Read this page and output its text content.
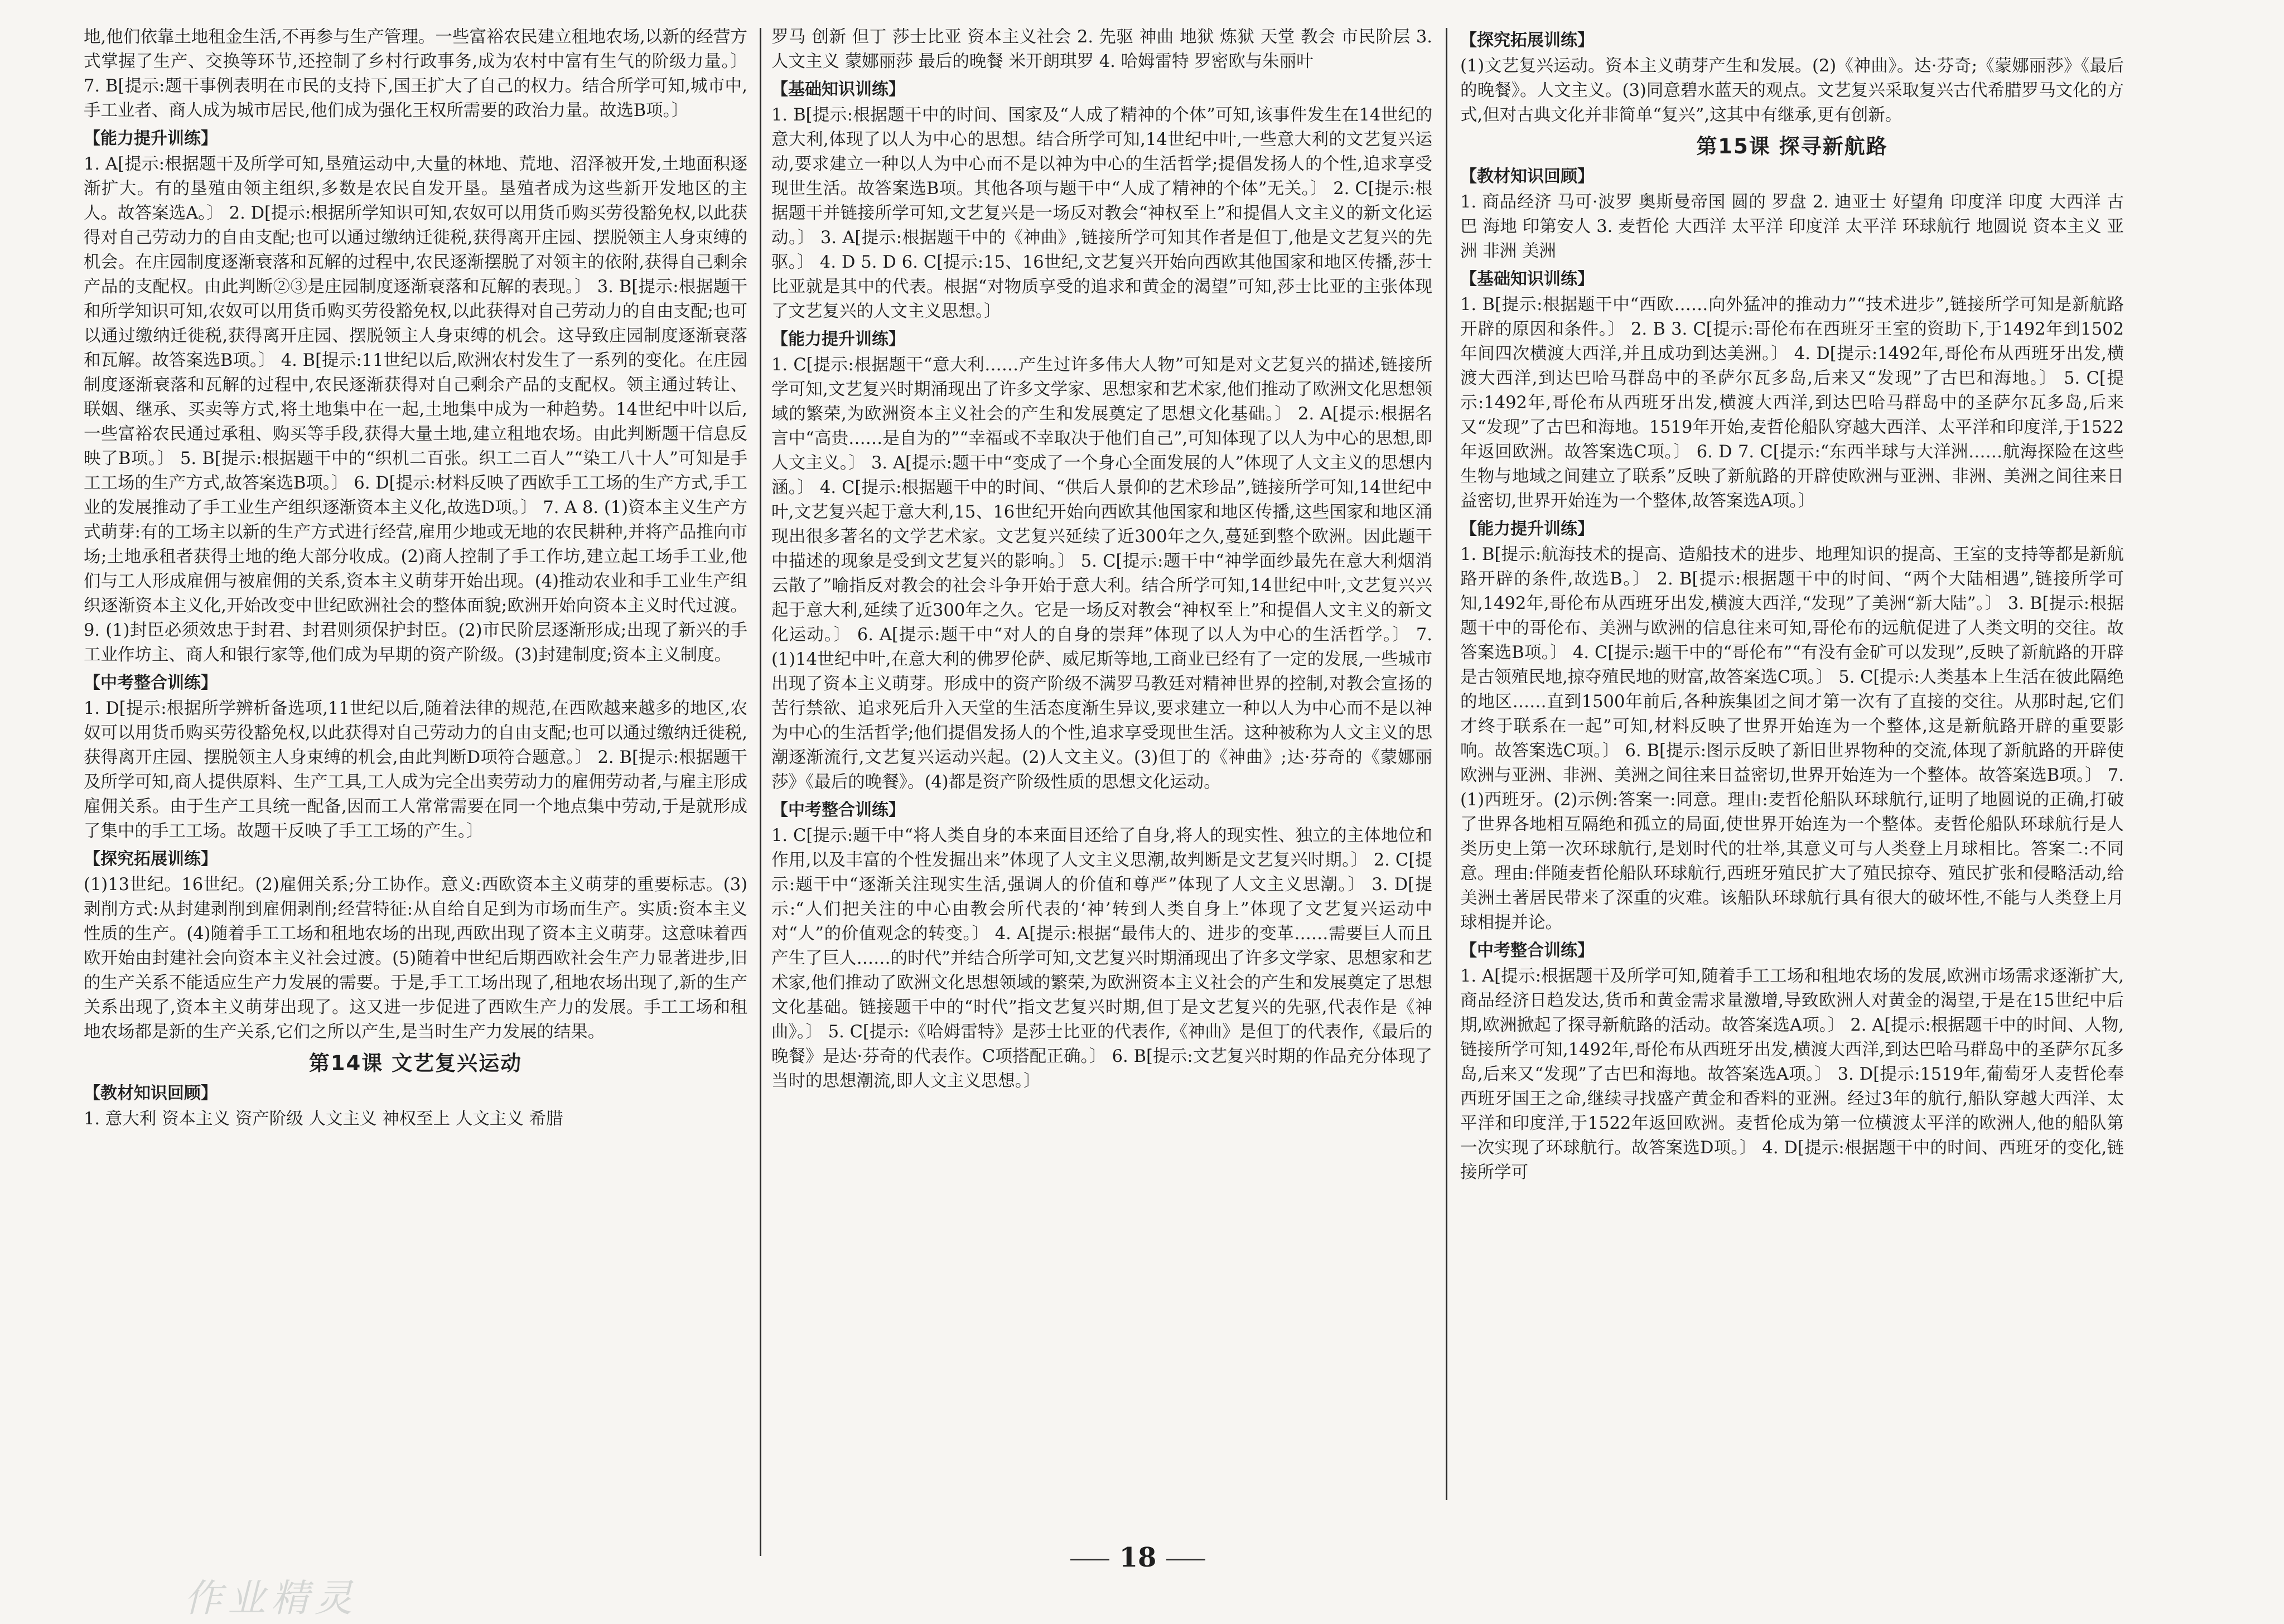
地,他们依靠土地租金生活,不再参与生产管理。一些富裕农民建立租地农场,以新的经营方式掌握了生产、交换等环节,还控制了乡村行政事务,成为农村中富有生气的阶级力量。〕 7. B[提示:题干事例表明在市民的支持下,国王扩大了自己的权力。结合所学可知,城市中,手工业者、商人成为城市居民,他们成为强化王权所需要的政治力量。故选B项。〕

【能力提升训练】

1. A[提示:根据题干及所学可知,垦殖运动中,大量的林地、荒地、沼泽被开发,土地面积逐渐扩大。有的垦殖由领主组织,多数是农民自发开垦。垦殖者成为这些新开发地区的主人。故答案选A。〕 2. D[提示:根据所学知识可知,农奴可以用货币购买劳役豁免权,以此获得对自己劳动力的自由支配;也可以通过缴纳迁徙税,获得离开庄园、摆脱领主人身束缚的机会。在庄园制度逐渐衰落和瓦解的过程中,农民逐渐摆脱了对领主的依附,获得自己剩余产品的支配权。由此判断②③是庄园制度逐渐衰落和瓦解的表现。〕 3. B[提示:根据题干和所学知识可知,农奴可以用货币购买劳役豁免权,以此获得对自己劳动力的自由支配;也可以通过缴纳迁徙税,获得离开庄园、摆脱领主人身束缚的机会。这导致庄园制度逐渐衰落和瓦解。故答案选B项。〕 4. B[提示:11世纪以后,欧洲农村发生了一系列的变化。在庄园制度逐渐衰落和瓦解的过程中,农民逐渐获得对自己剩余产品的支配权。领主通过转让、联姻、继承、买卖等方式,将土地集中在一起,土地集中成为一种趋势。14世纪中叶以后,一些富裕农民通过承租、购买等手段,获得大量土地,建立租地农场。由此判断题干信息反映了B项。〕 5. B[提示:根据题干中的“织机二百张。织工二百人”“染工八十人”可知是手工工场的生产方式,故答案选B项。〕 6. D[提示:材料反映了西欧手工工场的生产方式,手工业的发展推动了手工业生产组织逐渐资本主义化,故选D项。〕 7. A 8. (1)资本主义生产方式萌芽:有的工场主以新的生产方式进行经营,雇用少地或无地的农民耕种,并将产品推向市场;土地承租者获得土地的绝大部分收成。(2)商人控制了手工作坊,建立起工场手工业,他们与工人形成雇佣与被雇佣的关系,资本主义萌芽开始出现。(4)推动农业和手工业生产组织逐渐资本主义化,开始改变中世纪欧洲社会的整体面貌;欧洲开始向资本主义时代过渡。 9. (1)封臣必须效忠于封君、封君则须保护封臣。(2)市民阶层逐渐形成;出现了新兴的手工业作坊主、商人和银行家等,他们成为早期的资产阶级。(3)封建制度;资本主义制度。

【中考整合训练】

1. D[提示:根据所学辨析备选项,11世纪以后,随着法律的规范,在西欧越来越多的地区,农奴可以用货币购买劳役豁免权,以此获得对自己劳动力的自由支配;也可以通过缴纳迁徙税,获得离开庄园、摆脱领主人身束缚的机会,由此判断D项符合题意。〕 2. B[提示:根据题干及所学可知,商人提供原料、生产工具,工人成为完全出卖劳动力的雇佣劳动者,与雇主形成雇佣关系。由于生产工具统一配备,因而工人常常需要在同一个地点集中劳动,于是就形成了集中的手工工场。故题干反映了手工工场的产生。〕

【探究拓展训练】

(1)13世纪。16世纪。(2)雇佣关系;分工协作。意义:西欧资本主义萌芽的重要标志。(3)剥削方式:从封建剥削到雇佣剥削;经营特征:从自给自足到为市场而生产。实质:资本主义性质的生产。(4)随着手工工场和租地农场的出现,西欧出现了资本主义萌芽。这意味着西欧开始由封建社会向资本主义社会过渡。(5)随着中世纪后期西欧社会生产力显著进步,旧的生产关系不能适应生产力发展的需要。于是,手工工场出现了,租地农场出现了,新的生产关系出现了,资本主义萌芽出现了。这又进一步促进了西欧生产力的发展。手工工场和租地农场都是新的生产关系,它们之所以产生,是当时生产力发展的结果。

第14课 文艺复兴运动

【教材知识回顾】

1. 意大利 资本主义 资产阶级 人文主义 神权至上 人文主义 希腊

罗马 创新 但丁 莎士比亚 资本主义社会 2. 先驱 神曲 地狱 炼狱 天堂 教会 市民阶层 3. 人文主义 蒙娜丽莎 最后的晚餐 米开朗琪罗 4. 哈姆雷特 罗密欧与朱丽叶

【基础知识训练】

1. B[提示:根据题干中的时间、国家及“人成了精神的个体”可知,该事件发生在14世纪的意大利,体现了以人为中心的思想。结合所学可知,14世纪中叶,一些意大利的文艺复兴运动,要求建立一种以人为中心而不是以神为中心的生活哲学;提倡发扬人的个性,追求享受现世生活。故答案选B项。其他各项与题干中“人成了精神的个体”无关。〕 2. C[提示:根据题干并链接所学可知,文艺复兴是一场反对教会“神权至上”和提倡人文主义的新文化运动。〕 3. A[提示:根据题干中的《神曲》,链接所学可知其作者是但丁,他是文艺复兴的先驱。〕 4. D 5. D 6. C[提示:15、16世纪,文艺复兴开始向西欧其他国家和地区传播,莎士比亚就是其中的代表。根据“对物质享受的追求和黄金的渴望”可知,莎士比亚的主张体现了文艺复兴的人文主义思想。〕

【能力提升训练】

1. C[提示:根据题干“意大利……产生过许多伟大人物”可知是对文艺复兴的描述,链接所学可知,文艺复兴时期涌现出了许多文学家、思想家和艺术家,他们推动了欧洲文化思想领域的繁荣,为欧洲资本主义社会的产生和发展奠定了思想文化基础。〕 2. A[提示:根据名言中“高贵……是自为的”“幸福或不幸取决于他们自己”,可知体现了以人为中心的思想,即人文主义。〕 3. A[提示:题干中“变成了一个身心全面发展的人”体现了人文主义的思想内涵。〕 4. C[提示:根据题干中的时间、“供后人景仰的艺术珍品”,链接所学可知,14世纪中叶,文艺复兴起于意大利,15、16世纪开始向西欧其他国家和地区传播,这些国家和地区涌现出很多著名的文学艺术家。文艺复兴延续了近300年之久,蔓延到整个欧洲。因此题干中描述的现象是受到文艺复兴的影响。〕 5. C[提示:题干中“神学面纱最先在意大利烟消云散了”喻指反对教会的社会斗争开始于意大利。结合所学可知,14世纪中叶,文艺复兴兴起于意大利,延续了近300年之久。它是一场反对教会“神权至上”和提倡人文主义的新文化运动。〕 6. A[提示:题干中“对人的自身的崇拜”体现了以人为中心的生活哲学。〕 7. (1)14世纪中叶,在意大利的佛罗伦萨、威尼斯等地,工商业已经有了一定的发展,一些城市出现了资本主义萌芽。形成中的资产阶级不满罗马教廷对精神世界的控制,对教会宣扬的苦行禁欲、追求死后升入天堂的生活态度渐生异议,要求建立一种以人为中心而不是以神为中心的生活哲学;他们提倡发扬人的个性,追求享受现世生活。这种被称为人文主义的思潮逐渐流行,文艺复兴运动兴起。(2)人文主义。(3)但丁的《神曲》;达·芬奇的《蒙娜丽莎》《最后的晚餐》。(4)都是资产阶级性质的思想文化运动。

【中考整合训练】

1. C[提示:题干中“将人类自身的本来面目还给了自身,将人的现实性、独立的主体地位和作用,以及丰富的个性发掘出来”体现了人文主义思潮,故判断是文艺复兴时期。〕 2. C[提示:题干中“逐渐关注现实生活,强调人的价值和尊严”体现了人文主义思潮。〕 3. D[提示:“人们把关注的中心由教会所代表的‘神’转到人类自身上”体现了文艺复兴运动中对“人”的价值观念的转变。〕 4. A[提示:根据“最伟大的、进步的变革……需要巨人而且产生了巨人……的时代”并结合所学可知,文艺复兴时期涌现出了许多文学家、思想家和艺术家,他们推动了欧洲文化思想领域的繁荣,为欧洲资本主义社会的产生和发展奠定了思想文化基础。链接题干中的“时代”指文艺复兴时期,但丁是文艺复兴的先驱,代表作是《神曲》。〕 5. C[提示:《哈姆雷特》是莎士比亚的代表作,《神曲》是但丁的代表作,《最后的晚餐》是达·芬奇的代表作。C项搭配正确。〕 6. B[提示:文艺复兴时期的作品充分体现了当时的思想潮流,即人文主义思想。〕

【探究拓展训练】

(1)文艺复兴运动。资本主义萌芽产生和发展。(2)《神曲》。达·芬奇;《蒙娜丽莎》《最后的晚餐》。人文主义。(3)同意碧水蓝天的观点。文艺复兴采取复兴古代希腊罗马文化的方式,但对古典文化并非简单“复兴”,这其中有继承,更有创新。

第15课 探寻新航路

【教材知识回顾】

1. 商品经济 马可·波罗 奥斯曼帝国 圆的 罗盘 2. 迪亚士 好望角 印度洋 印度 大西洋 古巴 海地 印第安人 3. 麦哲伦 大西洋 太平洋 印度洋 太平洋 环球航行 地圆说 资本主义 亚洲 非洲 美洲

【基础知识训练】

1. B[提示:根据题干中“西欧……向外猛冲的推动力”“技术进步”,链接所学可知是新航路开辟的原因和条件。〕 2. B 3. C[提示:哥伦布在西班牙王室的资助下,于1492年到1502年间四次横渡大西洋,并且成功到达美洲。〕 4. D[提示:1492年,哥伦布从西班牙出发,横渡大西洋,到达巴哈马群岛中的圣萨尔瓦多岛,后来又“发现”了古巴和海地。〕 5. C[提示:1492年,哥伦布从西班牙出发,横渡大西洋,到达巴哈马群岛中的圣萨尔瓦多岛,后来又“发现”了古巴和海地。1519年开始,麦哲伦船队穿越大西洋、太平洋和印度洋,于1522年返回欧洲。故答案选C项。〕 6. D 7. C[提示:“东西半球与大洋洲……航海探险在这些生物与地域之间建立了联系”反映了新航路的开辟使欧洲与亚洲、非洲、美洲之间往来日益密切,世界开始连为一个整体,故答案选A项。〕

【能力提升训练】

1. B[提示:航海技术的提高、造船技术的进步、地理知识的提高、王室的支持等都是新航路开辟的条件,故选B。〕 2. B[提示:根据题干中的时间、“两个大陆相遇”,链接所学可知,1492年,哥伦布从西班牙出发,横渡大西洋,“发现”了美洲“新大陆”。〕 3. B[提示:根据题干中的哥伦布、美洲与欧洲的信息往来可知,哥伦布的远航促进了人类文明的交往。故答案选B项。〕 4. C[提示:题干中的“哥伦布”“有没有金矿可以发现”,反映了新航路的开辟是古领殖民地,掠夺殖民地的财富,故答案选C项。〕 5. C[提示:人类基本上生活在彼此隔绝的地区……直到1500年前后,各种族集团之间才第一次有了直接的交往。从那时起,它们才终于联系在一起”可知,材料反映了世界开始连为一个整体,这是新航路开辟的重要影响。故答案选C项。〕 6. B[提示:图示反映了新旧世界物种的交流,体现了新航路的开辟使欧洲与亚洲、非洲、美洲之间往来日益密切,世界开始连为一个整体。故答案选B项。〕 7. (1)西班牙。(2)示例:答案一:同意。理由:麦哲伦船队环球航行,证明了地圆说的正确,打破了世界各地相互隔绝和孤立的局面,使世界开始连为一个整体。麦哲伦船队环球航行是人类历史上第一次环球航行,是划时代的壮举,其意义可与人类登上月球相比。答案二:不同意。理由:伴随麦哲伦船队环球航行,西班牙殖民扩大了殖民掠夺、殖民扩张和侵略活动,给美洲土著居民带来了深重的灾难。该船队环球航行具有很大的破坏性,不能与人类登上月球相提并论。

【中考整合训练】

1. A[提示:根据题干及所学可知,随着手工工场和租地农场的发展,欧洲市场需求逐渐扩大,商品经济日趋发达,货币和黄金需求量激增,导致欧洲人对黄金的渴望,于是在15世纪中后期,欧洲掀起了探寻新航路的活动。故答案选A项。〕 2. A[提示:根据题干中的时间、人物,链接所学可知,1492年,哥伦布从西班牙出发,横渡大西洋,到达巴哈马群岛中的圣萨尔瓦多岛,后来又“发现”了古巴和海地。故答案选A项。〕 3. D[提示:1519年,葡萄牙人麦哲伦奉西班牙国王之命,继续寻找盛产黄金和香料的亚洲。经过3年的航行,船队穿越大西洋、太平洋和印度洋,于1522年返回欧洲。麦哲伦成为第一位横渡太平洋的欧洲人,他的船队第一次实现了环球航行。故答案选D项。〕 4. D[提示:根据题干中的时间、西班牙的变化,链接所学可

18
作业精灵
